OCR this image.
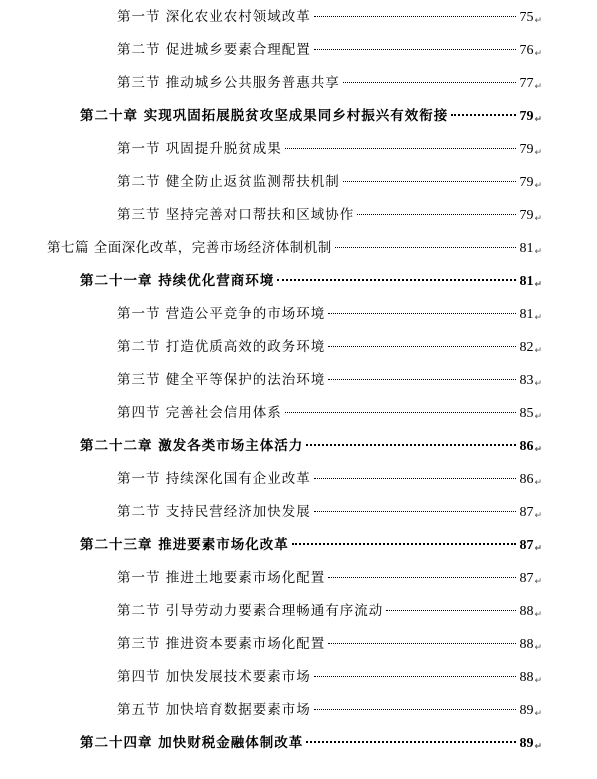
第一节 深化农业农村领域改革	75 ↵
第二节 促进城乡要素合理配置	76 ↵
第三节 推动城乡公共服务普惠共享	77 ↵
第二十章 实现巩固拓展脱贫攻坚成果同乡村振兴有效衔接	79 ↵
第一节 巩固提升脱贫成果	79 ↵
第二节 健全防止返贫监测帮扶机制	79 ↵
第三节 坚持完善对口帮扶和区域协作	79 ↵
第七篇 全面深化改革，完善市场经济体制机制	81 ↵
第二十一章 持续优化营商环境	81 ↵
第一节 营造公平竞争的市场环境	81 ↵
第二节 打造优质高效的政务环境	82 ↵
第三节 健全平等保护的法治环境	83 ↵
第四节 完善社会信用体系	85 ↵
第二十二章 激发各类市场主体活力	86 ↵
第一节 持续深化国有企业改革	86 ↵
第二节 支持民营经济加快发展	87 ↵
第二十三章 推进要素市场化改革	87 ↵
第一节 推进土地要素市场化配置	87 ↵
第二节 引导劳动力要素合理畅通有序流动	88 ↵
第三节 推进资本要素市场化配置	88 ↵
第四节 加快发展技术要素市场	88 ↵
第五节 加快培育数据要素市场	89 ↵
第二十四章 加快财税金融体制改革	89 ↵
